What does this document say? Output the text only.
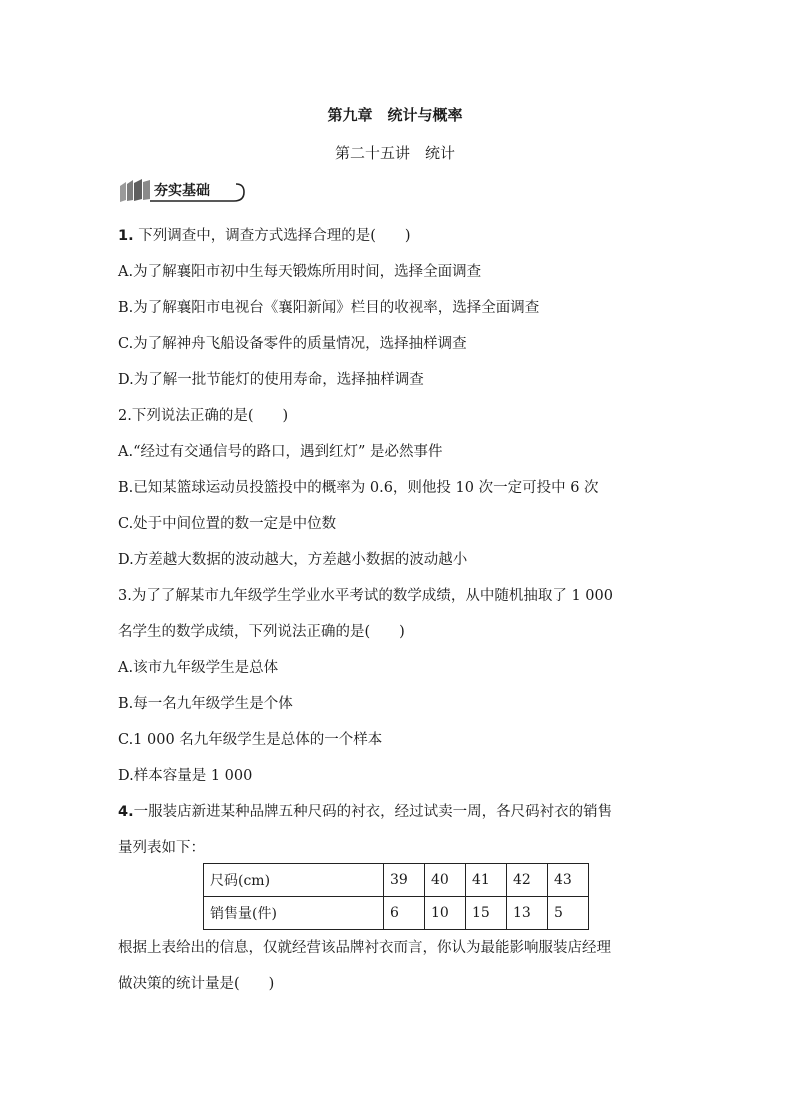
第九章　统计与概率
第二十五讲　统计
夯实基础
1. 下列调查中，调查方式选择合理的是(　　)
A.为了解襄阳市初中生每天锻炼所用时间，选择全面调查
B.为了解襄阳市电视台《襄阳新闻》栏目的收视率，选择全面调查
C.为了解神舟飞船设备零件的质量情况，选择抽样调查
D.为了解一批节能灯的使用寿命，选择抽样调查
2.下列说法正确的是(　　)
A.“经过有交通信号的路口，遇到红灯” 是必然事件
B.已知某篮球运动员投篮投中的概率为 0.6，则他投 10 次一定可投中 6 次
C.处于中间位置的数一定是中位数
D.方差越大数据的波动越大，方差越小数据的波动越小
3.为了了解某市九年级学生学业水平考试的数学成绩，从中随机抽取了 1 000
名学生的数学成绩，下列说法正确的是(　　)
A.该市九年级学生是总体
B.每一名九年级学生是个体
C.1 000 名九年级学生是总体的一个样本
D.样本容量是 1 000
4.一服装店新进某种品牌五种尺码的衬衣，经过试卖一周，各尺码衬衣的销售
量列表如下：
尺码(cm)	39	40	41	42	43
销售量(件)	6	10	15	13	5
根据上表给出的信息，仅就经营该品牌衬衣而言，你认为最能影响服装店经理
做决策的统计量是(　　)
